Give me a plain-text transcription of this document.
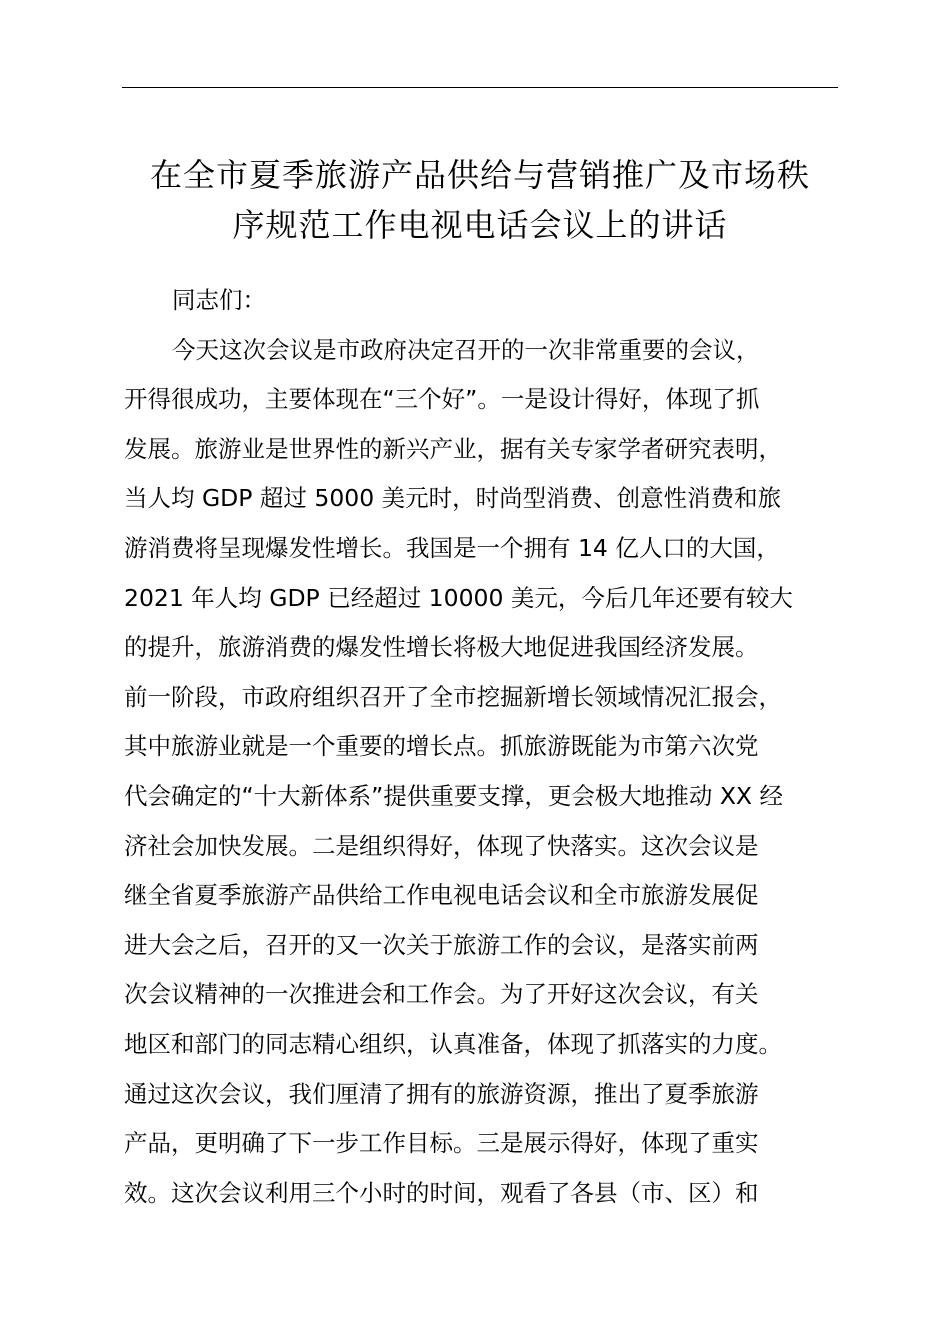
在全市夏季旅游产品供给与营销推广及市场秩
序规范工作电视电话会议上的讲话
同志们：
今天这次会议是市政府决定召开的一次非常重要的会议，
开得很成功，主要体现在“三个好”。一是设计得好，体现了抓
发展。旅游业是世界性的新兴产业，据有关专家学者研究表明，
当人均 GDP 超过 5000 美元时，时尚型消费、创意性消费和旅
游消费将呈现爆发性增长。我国是一个拥有 14 亿人口的大国，
2021 年人均 GDP 已经超过 10000 美元，今后几年还要有较大
的提升，旅游消费的爆发性增长将极大地促进我国经济发展。
前一阶段，市政府组织召开了全市挖掘新增长领域情况汇报会，
其中旅游业就是一个重要的增长点。抓旅游既能为市第六次党
代会确定的“十大新体系”提供重要支撑，更会极大地推动 XX 经
济社会加快发展。二是组织得好，体现了快落实。这次会议是
继全省夏季旅游产品供给工作电视电话会议和全市旅游发展促
进大会之后，召开的又一次关于旅游工作的会议，是落实前两
次会议精神的一次推进会和工作会。为了开好这次会议，有关
地区和部门的同志精心组织，认真准备，体现了抓落实的力度。
通过这次会议，我们厘清了拥有的旅游资源，推出了夏季旅游
产品，更明确了下一步工作目标。三是展示得好，体现了重实
效。这次会议利用三个小时的时间，观看了各县（市、区）和
